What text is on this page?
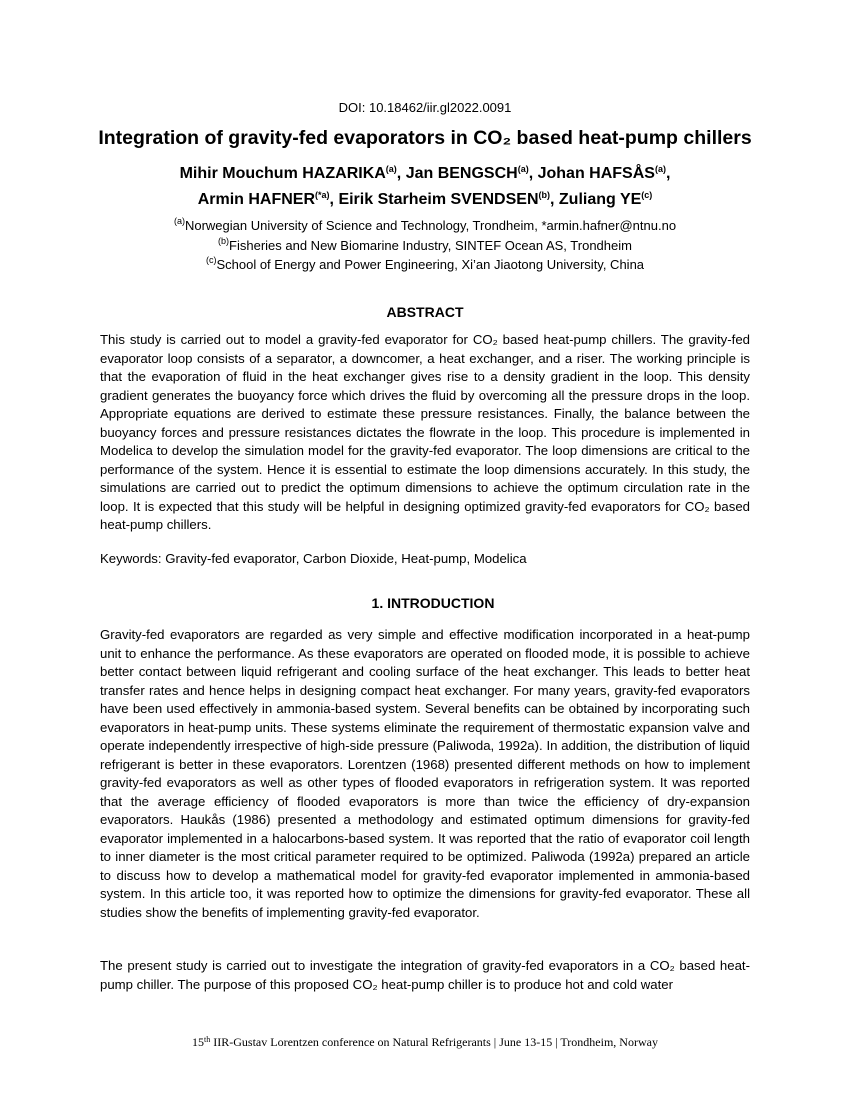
DOI: 10.18462/iir.gl2022.0091
Integration of gravity-fed evaporators in CO₂ based heat-pump chillers
Mihir Mouchum HAZARIKA$^{(a)}$, Jan BENGSCH$^{(a)}$, Johan HAFSÅS$^{(a)}$,
Armin $HAFNER^{(*a)}$, Eirik Starheim SVENDSEN$^{(b)}$, Zuliang YE$^{(c)}$
$^{(a)}$Norwegian University of Science and Technology, Trondheim, *armin.hafner@ntnu.no
$^{(b)}$Fisheries and New Biomarine Industry, SINTEF Ocean AS, Trondheim
$^{(c)}$School of Energy and Power Engineering, Xi’an Jiaotong University, China
ABSTRACT
This study is carried out to model a gravity-fed evaporator for CO₂ based heat-pump chillers. The gravity-fed evaporator loop consists of a separator, a downcomer, a heat exchanger, and a riser. The working principle is that the evaporation of fluid in the heat exchanger gives rise to a density gradient in the loop. This density gradient generates the buoyancy force which drives the fluid by overcoming all the pressure drops in the loop. Appropriate equations are derived to estimate these pressure resistances. Finally, the balance between the buoyancy forces and pressure resistances dictates the flowrate in the loop. This procedure is implemented in Modelica to develop the simulation model for the gravity-fed evaporator. The loop dimensions are critical to the performance of the system. Hence it is essential to estimate the loop dimensions accurately. In this study, the simulations are carried out to predict the optimum dimensions to achieve the optimum circulation rate in the loop. It is expected that this study will be helpful in designing optimized gravity-fed evaporators for CO₂ based heat-pump chillers.
Keywords: Gravity-fed evaporator, Carbon Dioxide, Heat-pump, Modelica
1. INTRODUCTION
Gravity-fed evaporators are regarded as very simple and effective modification incorporated in a heat-pump unit to enhance the performance. As these evaporators are operated on flooded mode, it is possible to achieve better contact between liquid refrigerant and cooling surface of the heat exchanger. This leads to better heat transfer rates and hence helps in designing compact heat exchanger. For many years, gravity-fed evaporators have been used effectively in ammonia-based system. Several benefits can be obtained by incorporating such evaporators in heat-pump units. These systems eliminate the requirement of thermostatic expansion valve and operate independently irrespective of high-side pressure (Paliwoda, 1992a). In addition, the distribution of liquid refrigerant is better in these evaporators. Lorentzen (1968) presented different methods on how to implement gravity-fed evaporators as well as other types of flooded evaporators in refrigeration system. It was reported that the average efficiency of flooded evaporators is more than twice the efficiency of dry-expansion evaporators. Haukås (1986) presented a methodology and estimated optimum dimensions for gravity-fed evaporator implemented in a halocarbons-based system. It was reported that the ratio of evaporator coil length to inner diameter is the most critical parameter required to be optimized. Paliwoda (1992a) prepared an article to discuss how to develop a mathematical model for gravity-fed evaporator implemented in ammonia-based system. In this article too, it was reported how to optimize the dimensions for gravity-fed evaporator. These all studies show the benefits of implementing gravity-fed evaporator.
The present study is carried out to investigate the integration of gravity-fed evaporators in a CO₂ based heat-pump chiller. The purpose of this proposed CO₂ heat-pump chiller is to produce hot and cold water
15th IIR-Gustav Lorentzen conference on Natural Refrigerants | June 13-15 | Trondheim, Norway
